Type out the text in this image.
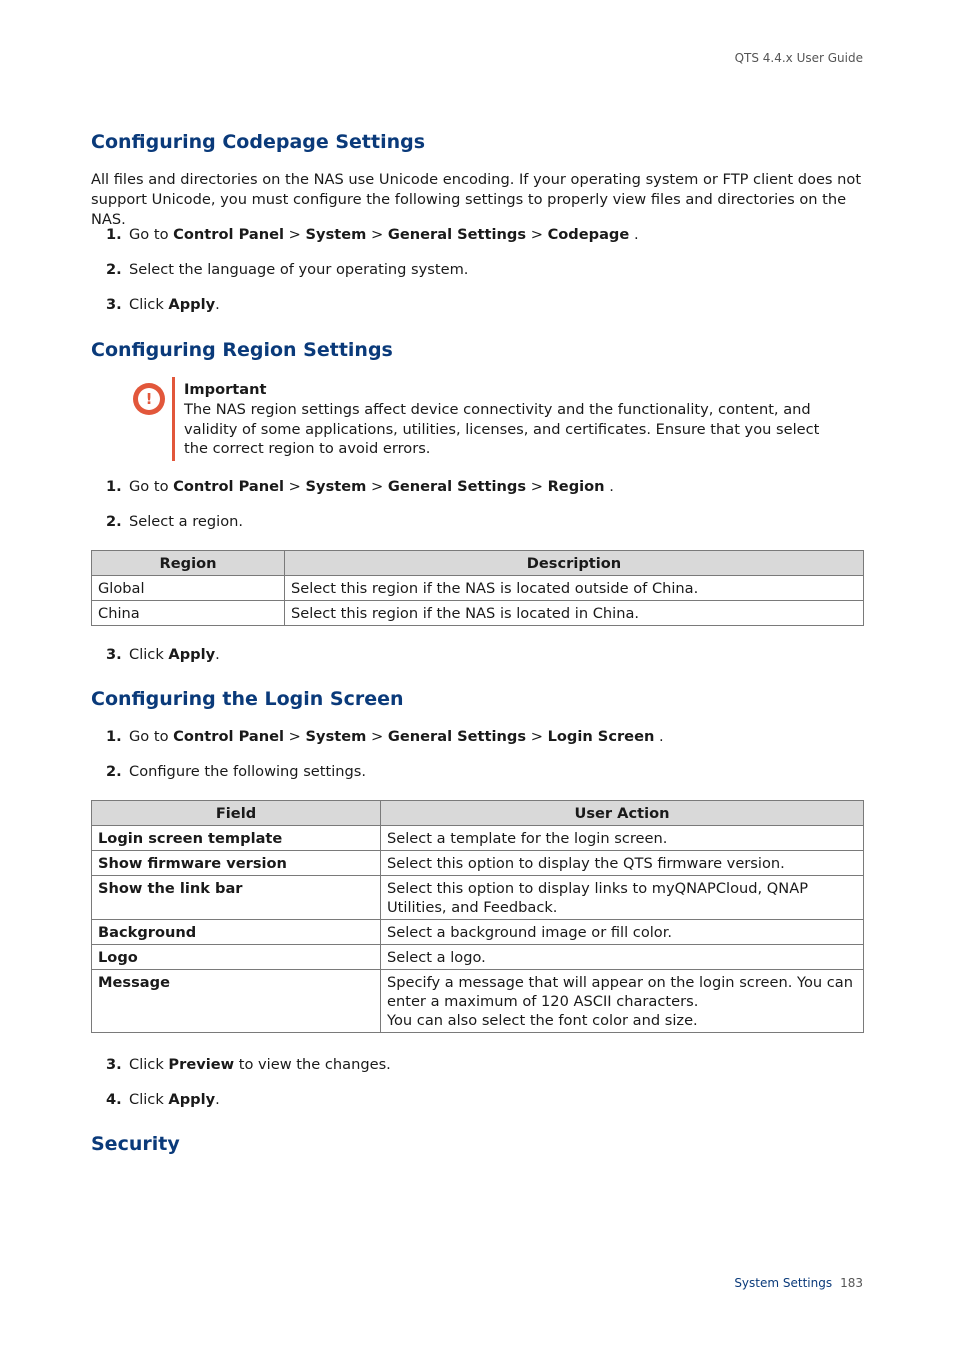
QTS 4.4.x User Guide
Configuring Codepage Settings

All files and directories on the NAS use Unicode encoding. If your operating system or FTP client does not support Unicode, you must configure the following settings to properly view files and directories on the NAS.

1. Go to Control Panel > System > General Settings > Codepage .
2. Select the language of your operating system.
3. Click Apply.
Configuring Region Settings
!
Important
The NAS region settings affect device connectivity and the functionality, content, and validity of some applications, utilities, licenses, and certificates. Ensure that you select the correct region to avoid errors.
1. Go to Control Panel > System > General Settings > Region .
2. Select a region.
Region	Description
Global	Select this region if the NAS is located outside of China.
China	Select this region if the NAS is located in China.
3. Click Apply.
Configuring the Login Screen
1. Go to Control Panel > System > General Settings > Login Screen .
2. Configure the following settings.
Field	User Action
Login screen template	Select a template for the login screen.
Show firmware version	Select this option to display the QTS firmware version.
Show the link bar	Select this option to display links to myQNAPCloud, QNAP Utilities, and Feedback.
Background	Select a background image or fill color.
Logo	Select a logo.
Message	Specify a message that will appear on the login screen. You can enter a maximum of 120 ASCII characters.
You can also select the font color and size.
3. Click Preview to view the changes.
4. Click Apply.
Security
System Settings 183
